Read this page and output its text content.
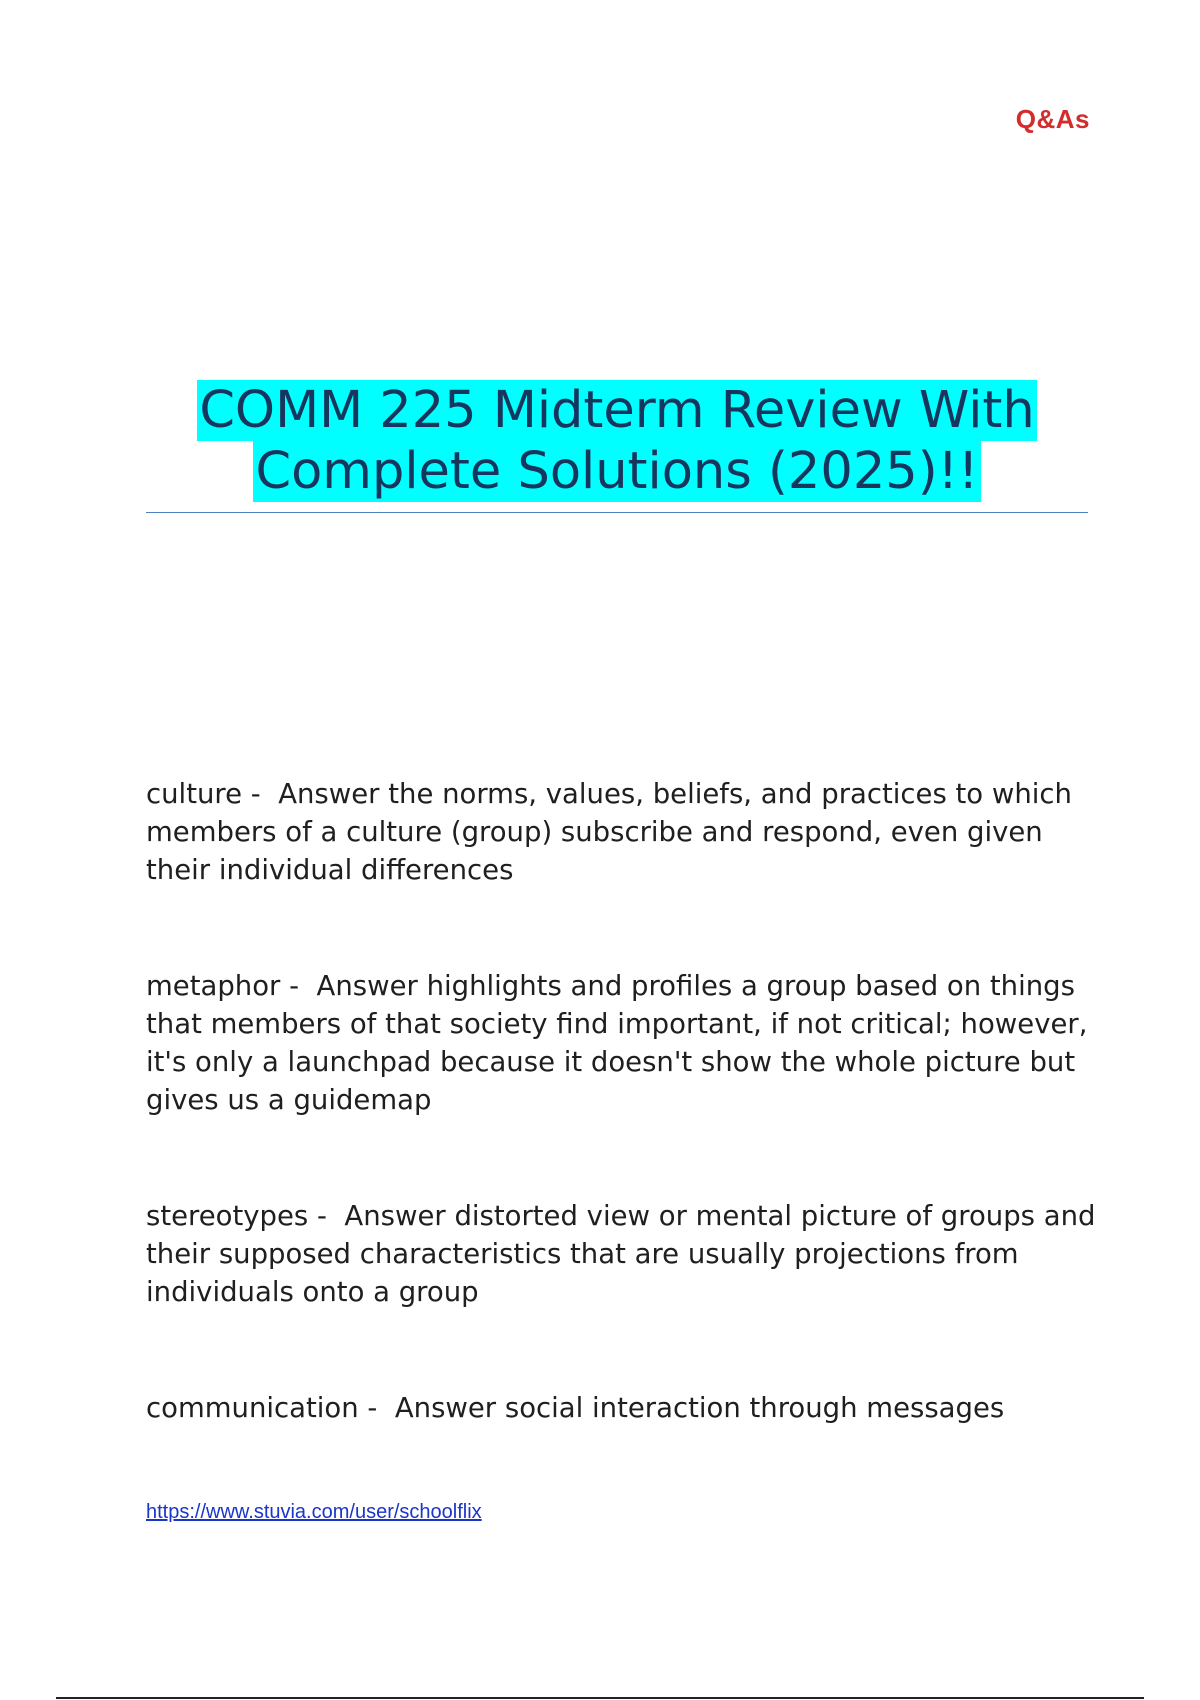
Q&As
COMM 225 Midterm Review With
Complete Solutions (2025)!!
culture -  Answer the norms, values, beliefs, and practices to which members of a culture (group) subscribe and respond, even given their individual differences
metaphor -  Answer highlights and profiles a group based on things that members of that society find important, if not critical; however, it's only a launchpad because it doesn't show the whole picture but gives us a guidemap
stereotypes -  Answer distorted view or mental picture of groups and their supposed characteristics that are usually projections from individuals onto a group
communication -  Answer social interaction through messages
https://www.stuvia.com/user/schoolflix
